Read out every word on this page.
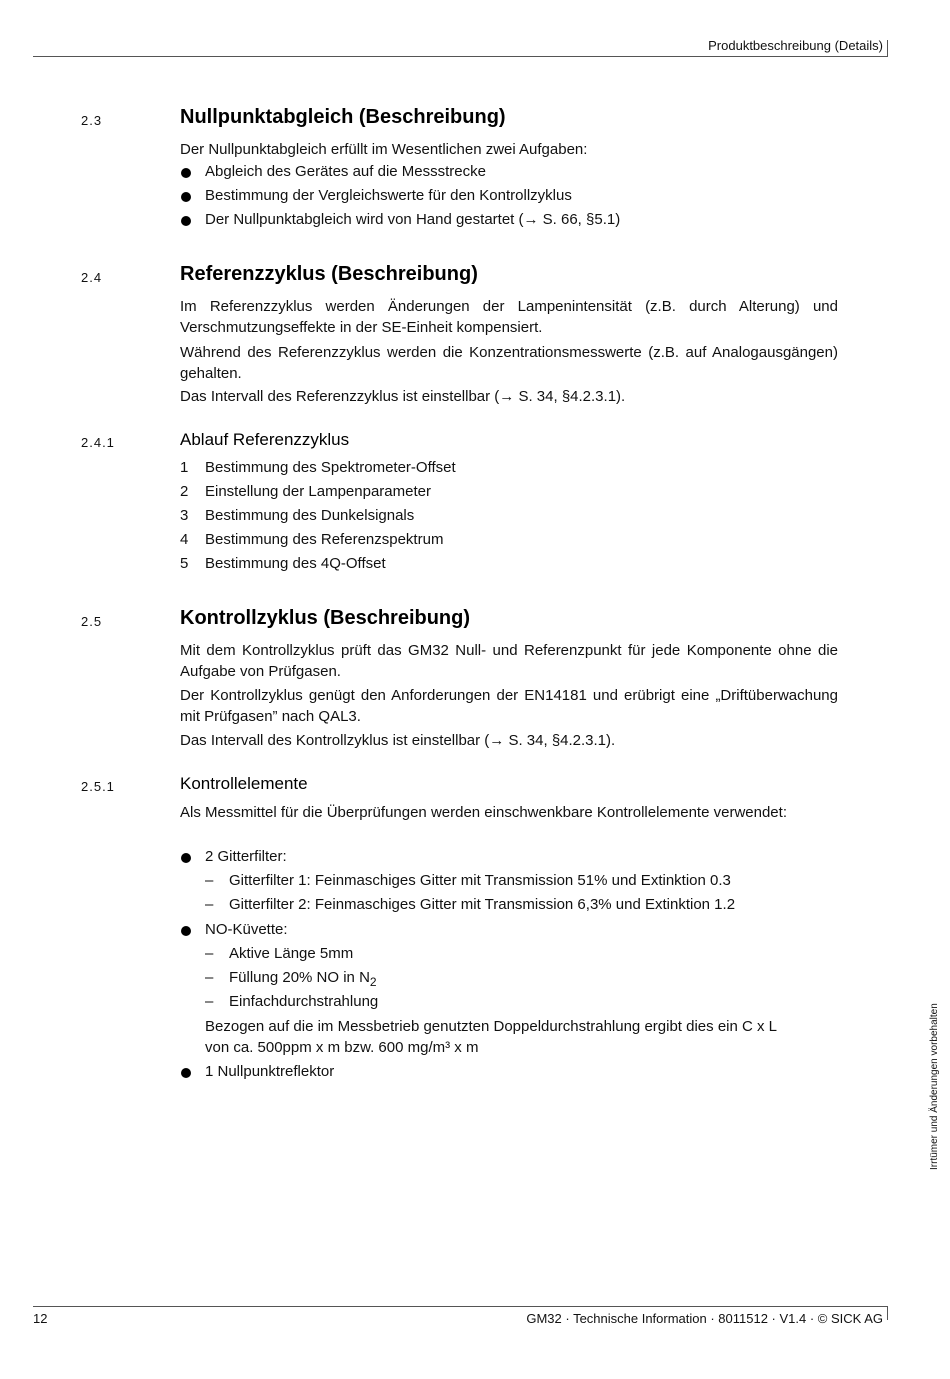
Produktbeschreibung (Details)
2.3	Nullpunktabgleich (Beschreibung)
Der Nullpunktabgleich erfüllt im Wesentlichen zwei Aufgaben:
Abgleich des Gerätes auf die Messstrecke
Bestimmung der Vergleichswerte für den Kontrollzyklus
Der Nullpunktabgleich wird von Hand gestartet (→ S. 66, §5.1)
2.4	Referenzzyklus (Beschreibung)
Im Referenzzyklus werden Änderungen der Lampenintensität (z.B. durch Alterung) und Verschmutzungseffekte in der SE-Einheit kompensiert.
Während des Referenzzyklus werden die Konzentrationsmesswerte (z.B. auf Analogausgängen) gehalten.
Das Intervall des Referenzzyklus ist einstellbar (→ S. 34, §4.2.3.1).
2.4.1	Ablauf Referenzzyklus
1 Bestimmung des Spektrometer-Offset
2 Einstellung der Lampenparameter
3 Bestimmung des Dunkelsignals
4 Bestimmung des Referenzspektrum
5 Bestimmung des 4Q-Offset
2.5	Kontrollzyklus (Beschreibung)
Mit dem Kontrollzyklus prüft das GM32 Null- und Referenzpunkt für jede Komponente ohne die Aufgabe von Prüfgasen.
Der Kontrollzyklus genügt den Anforderungen der EN14181 und erübrigt eine „Driftüberwachung mit Prüfgasen” nach QAL3.
Das Intervall des Kontrollzyklus ist einstellbar (→ S. 34, §4.2.3.1).
2.5.1	Kontrollelemente
Als Messmittel für die Überprüfungen werden einschwenkbare Kontrollelemente verwendet:
2 Gitterfilter:
– Gitterfilter 1: Feinmaschiges Gitter mit Transmission 51% und Extinktion 0.3
– Gitterfilter 2: Feinmaschiges Gitter mit Transmission 6,3% und Extinktion 1.2
NO-Küvette:
– Aktive Länge 5mm
– Füllung 20% NO in $N_2$
– Einfachdurchstrahlung
Bezogen auf die im Messbetrieb genutzten Doppeldurchstrahlung ergibt dies ein C x L
von ca. 500ppm x m bzw. 600 mg/m³ x m
1 Nullpunktreflektor	Irrtümer und Änderungen vorbehalten
12	GM32 · Technische Information · 8011512 · V1.4 · © SICK AG
